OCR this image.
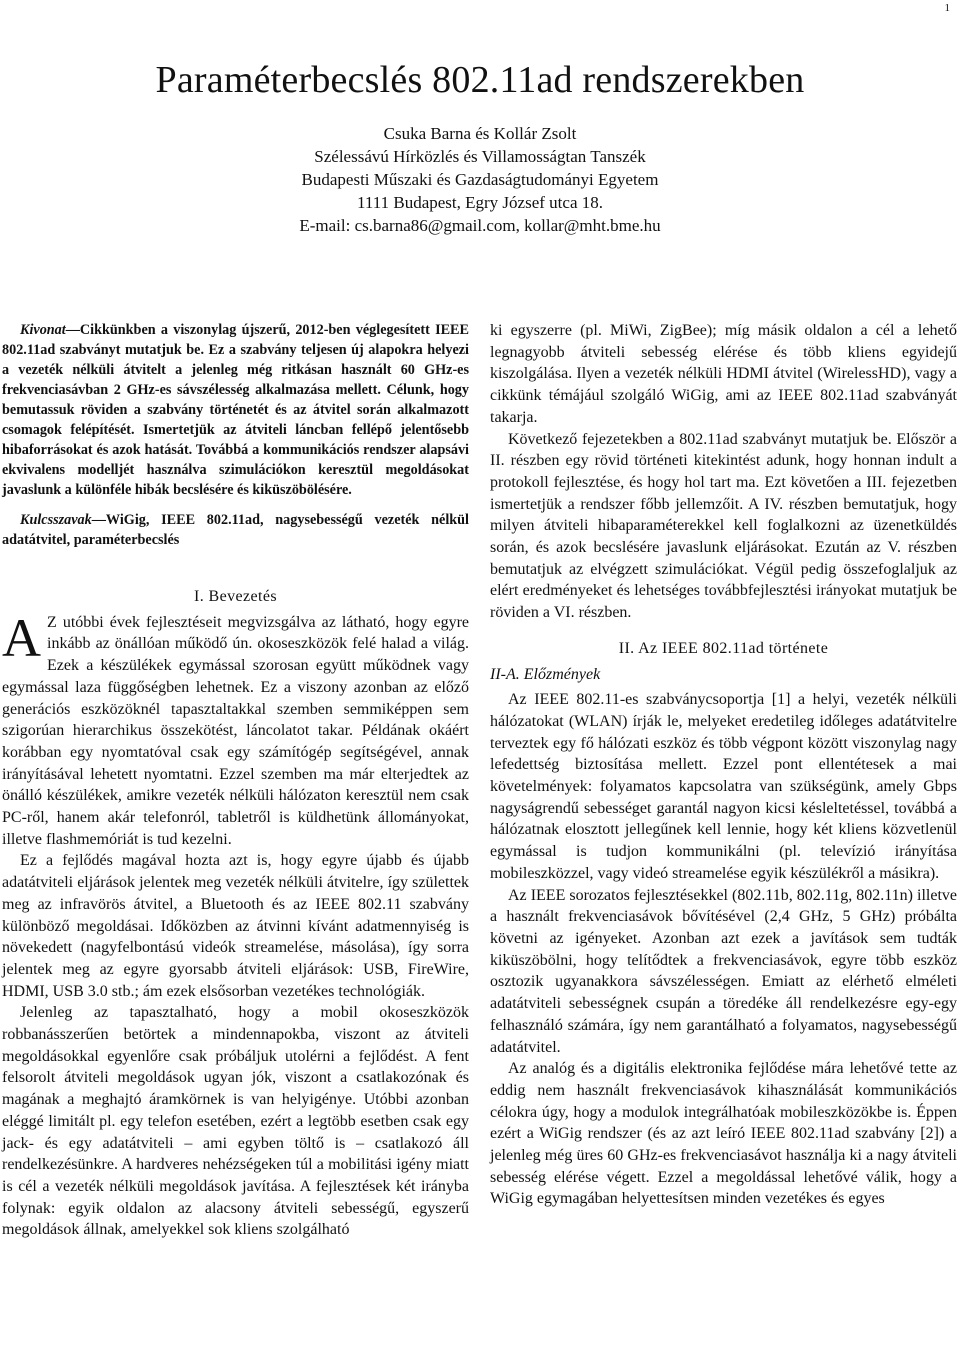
1
Paraméterbecslés 802.11ad rendszerekben
Csuka Barna és Kollár Zsolt
Szélessávú Hírközlés és Villamosságtan Tanszék
Budapesti Műszaki és Gazdaságtudományi Egyetem
1111 Budapest, Egry József utca 18.
E-mail: cs.barna86@gmail.com, kollar@mht.bme.hu

Kivonat—Cikkünkben a viszonylag újszerű, 2012-ben véglegesített IEEE 802.11ad szabványt mutatjuk be. Ez a szabvány teljesen új alapokra helyezi a vezeték nélküli átvitelt a jelenleg még ritkásan használt 60 GHz-es frekvenciasávban 2 GHz-es sávszélesség alkalmazása mellett. Célunk, hogy bemutassuk röviden a szabvány történetét és az átvitel során alkalmazott csomagok felépítését. Ismertetjük az átviteli láncban fellépő jelentősebb hibaforrásokat és azok hatását. Továbbá a kommunikációs rendszer alapsávi ekvivalens modelljét használva szimulációkon keresztül megoldásokat javaslunk a különféle hibák becslésére és kiküszöbölésére.

Kulcsszavak—WiGig, IEEE 802.11ad, nagysebességű vezeték nélkül adatátvitel, paraméterbecslés

I. Bevezetés

A Z utóbbi évek fejlesztéseit megvizsgálva az látható, hogy egyre inkább az önállóan működő ún. okoseszközök felé halad a világ. Ezek a készülékek egymással szorosan együtt működnek vagy egymással laza függőségben lehetnek. Ez a viszony azonban az előző generációs eszközöknél tapasztaltakkal szemben semmiképpen sem szigorúan hierarchikus összekötést, láncolatot takar. Példának okáért korábban egy nyomtatóval csak egy számítógép segítségével, annak irányításával lehetett nyomtatni. Ezzel szemben ma már elterjedtek az önálló készülékek, amikre vezeték nélküli hálózaton keresztül nem csak PC-ről, hanem akár telefonról, tabletről is küldhetünk állományokat, illetve flashmemóriát is tud kezelni.

Ez a fejlődés magával hozta azt is, hogy egyre újabb és újabb adatátviteli eljárások jelentek meg vezeték nélküli átvitelre, így születtek meg az infravörös átvitel, a Bluetooth és az IEEE 802.11 szabvány különböző megoldásai. Időközben az átvinni kívánt adatmennyiség is növekedett (nagyfelbontású videók streamelése, másolása), így sorra jelentek meg az egyre gyorsabb átviteli eljárások: USB, FireWire, HDMI, USB 3.0 stb.; ám ezek elsősorban vezetékes technológiák.

Jelenleg az tapasztalható, hogy a mobil okoseszközök robbanásszerűen betörtek a mindennapokba, viszont az átviteli megoldásokkal egyenlőre csak próbáljuk utolérni a fejlődést. A fent felsorolt átviteli megoldások ugyan jók, viszont a csatlakozónak és magának a meghajtó áramkörnek is van helyigénye. Utóbbi azonban eléggé limitált pl. egy telefon esetében, ezért a legtöbb esetben csak egy jack- és egy adatátviteli – ami egyben töltő is – csatlakozó áll rendelkezésünkre. A hardveres nehézségeken túl a mobilitási igény miatt is cél a vezeték nélküli megoldások javítása. A fejlesztések két irányba folynak: egyik oldalon az alacsony átviteli sebességű, egyszerű megoldások állnak, amelyekkel sok kliens szolgálható

ki egyszerre (pl. MiWi, ZigBee); míg másik oldalon a cél a lehető legnagyobb átviteli sebesség elérése és több kliens egyidejű kiszolgálása. Ilyen a vezeték nélküli HDMI átvitel (WirelessHD), vagy a cikkünk témájául szolgáló WiGig, ami az IEEE 802.11ad szabványát takarja.

Következő fejezetekben a 802.11ad szabványt mutatjuk be. Először a II. részben egy rövid történeti kitekintést adunk, hogy honnan indult a protokoll fejlesztése, és hogy hol tart ma. Ezt követően a III. fejezetben ismertetjük a rendszer főbb jellemzőit. A IV. részben bemutatjuk, hogy milyen átviteli hibaparaméterekkel kell foglalkozni az üzenetküldés során, és azok becslésére javaslunk eljárásokat. Ezután az V. részben bemutatjuk az elvégzett szimulációkat. Végül pedig összefoglaljuk az elért eredményeket és lehetséges továbbfejlesztési irányokat mutatjuk be röviden a VI. részben.

II. Az IEEE 802.11ad története
II-A. Előzmények

Az IEEE 802.11-es szabványcsoportja [1] a helyi, vezeték nélküli hálózatokat (WLAN) írják le, melyeket eredetileg időleges adatátvitelre terveztek egy fő hálózati eszköz és több végpont között viszonylag nagy lefedettség biztosítása mellett. Ezzel pont ellentétesek a mai követelmények: folyamatos kapcsolatra van szükségünk, amely Gbps nagyságrendű sebességet garantál nagyon kicsi késleltetéssel, továbbá a hálózatnak elosztott jellegűnek kell lennie, hogy két kliens közvetlenül egymással is tudjon kommunikálni (pl. televízió irányítása mobileszközzel, vagy videó streamelése egyik készülékről a másikra).

Az IEEE sorozatos fejlesztésekkel (802.11b, 802.11g, 802.11n) illetve a használt frekvenciasávok bővítésével (2,4 GHz, 5 GHz) próbálta követni az igényeket. Azonban azt ezek a javítások sem tudták kiküszöbölni, hogy telítődtek a frekvenciasávok, egyre több eszköz osztozik ugyanakkora sávszélességen. Emiatt az elérhető elméleti adatátviteli sebességnek csupán a töredéke áll rendelkezésre egy-egy felhasználó számára, így nem garantálható a folyamatos, nagysebességű adatátvitel.

Az analóg és a digitális elektronika fejlődése mára lehetővé tette az eddig nem használt frekvenciasávok kihasználását kommunikációs célokra úgy, hogy a modulok integrálhatóak mobileszközökbe is. Éppen ezért a WiGig rendszer (és az azt leíró IEEE 802.11ad szabvány [2]) a jelenleg még üres 60 GHz-es frekvenciasávot használja ki a nagy átviteli sebesség elérése végett. Ezzel a megoldással lehetővé válik, hogy a WiGig egymagában helyettesítsen minden vezetékes és egyes
